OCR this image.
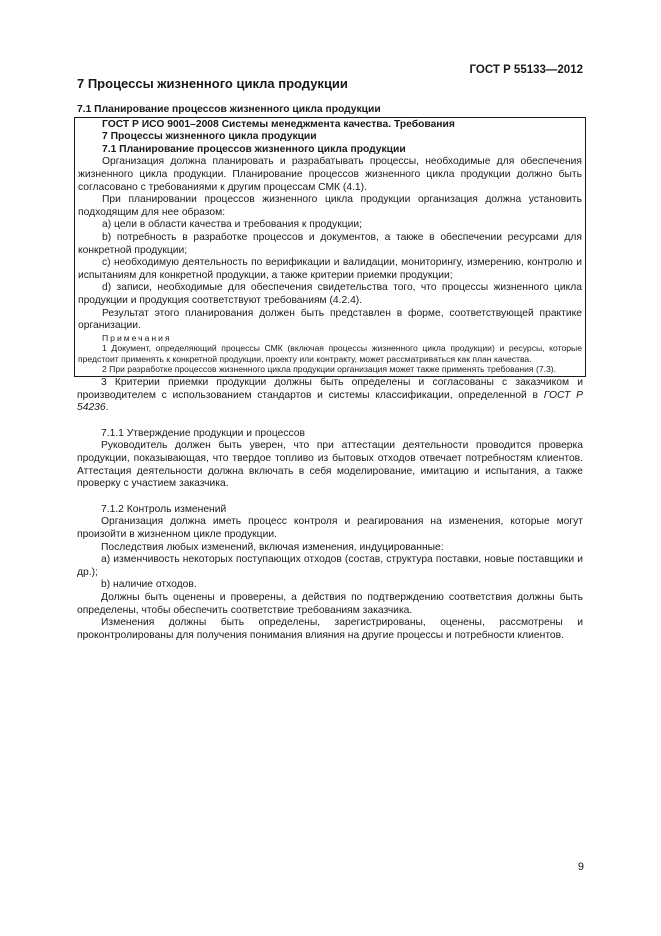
ГОСТ Р 55133—2012
7 Процессы жизненного цикла продукции

7.1 Планирование процессов жизненного цикла продукции

ГОСТ Р ИСО 9001–2008 Системы менеджмента качества. Требования

7 Процессы жизненного цикла продукции

7.1 Планирование процессов жизненного цикла продукции

Организация должна планировать и разрабатывать процессы, необходимые для обеспечения жизненного цикла продукции. Планирование процессов жизненного цикла продукции должно быть согласовано с требованиями к другим процессам СМК (4.1).

При планировании процессов жизненного цикла продукции организация должна установить подходящим для нее образом:

а) цели в области качества и требования к продукции;

b) потребность в разработке процессов и документов, а также в обеспечении ресурсами для конкретной продукции;

c) необходимую деятельность по верификации и валидации, мониторингу, измерению, контролю и испытаниям для конкретной продукции, а также критерии приемки продукции;

d) записи, необходимые для обеспечения свидетельства того, что процессы жизненного цикла продукции и продукция соответствуют требованиям (4.2.4).

Результат этого планирования должен быть представлен в форме, соответствующей практике организации.

Примечания

1 Документ, определяющий процессы СМК (включая процессы жизненного цикла продукции) и ресурсы, которые предстоит применять к конкретной продукции, проекту или контракту, может рассматриваться как план качества.

2 При разработке процессов жизненного цикла продукции организация может также применять требования (7.3).

3 Критерии приемки продукции должны быть определены и согласованы с заказчиком и производителем с использованием стандартов и системы классификации, определенной в ГОСТ Р 54236.

7.1.1 Утверждение продукции и процессов

Руководитель должен быть уверен, что при аттестации деятельности проводится проверка продукции, показывающая, что твердое топливо из бытовых отходов отвечает потребностям клиентов. Аттестация деятельности должна включать в себя моделирование, имитацию и испытания, а также проверку с участием заказчика.

7.1.2 Контроль изменений

Организация должна иметь процесс контроля и реагирования на изменения, которые могут произойти в жизненном цикле продукции.

Последствия любых изменений, включая изменения, индуцированные:

а) изменчивость некоторых поступающих отходов (состав, структура поставки, новые поставщики и др.);

b) наличие отходов.

Должны быть оценены и проверены, а действия по подтверждению соответствия должны быть определены, чтобы обеспечить соответствие требованиям заказчика.

Изменения должны быть определены, зарегистрированы, оценены, рассмотрены и проконтролированы для получения понимания влияния на другие процессы и потребности клиентов.

9
